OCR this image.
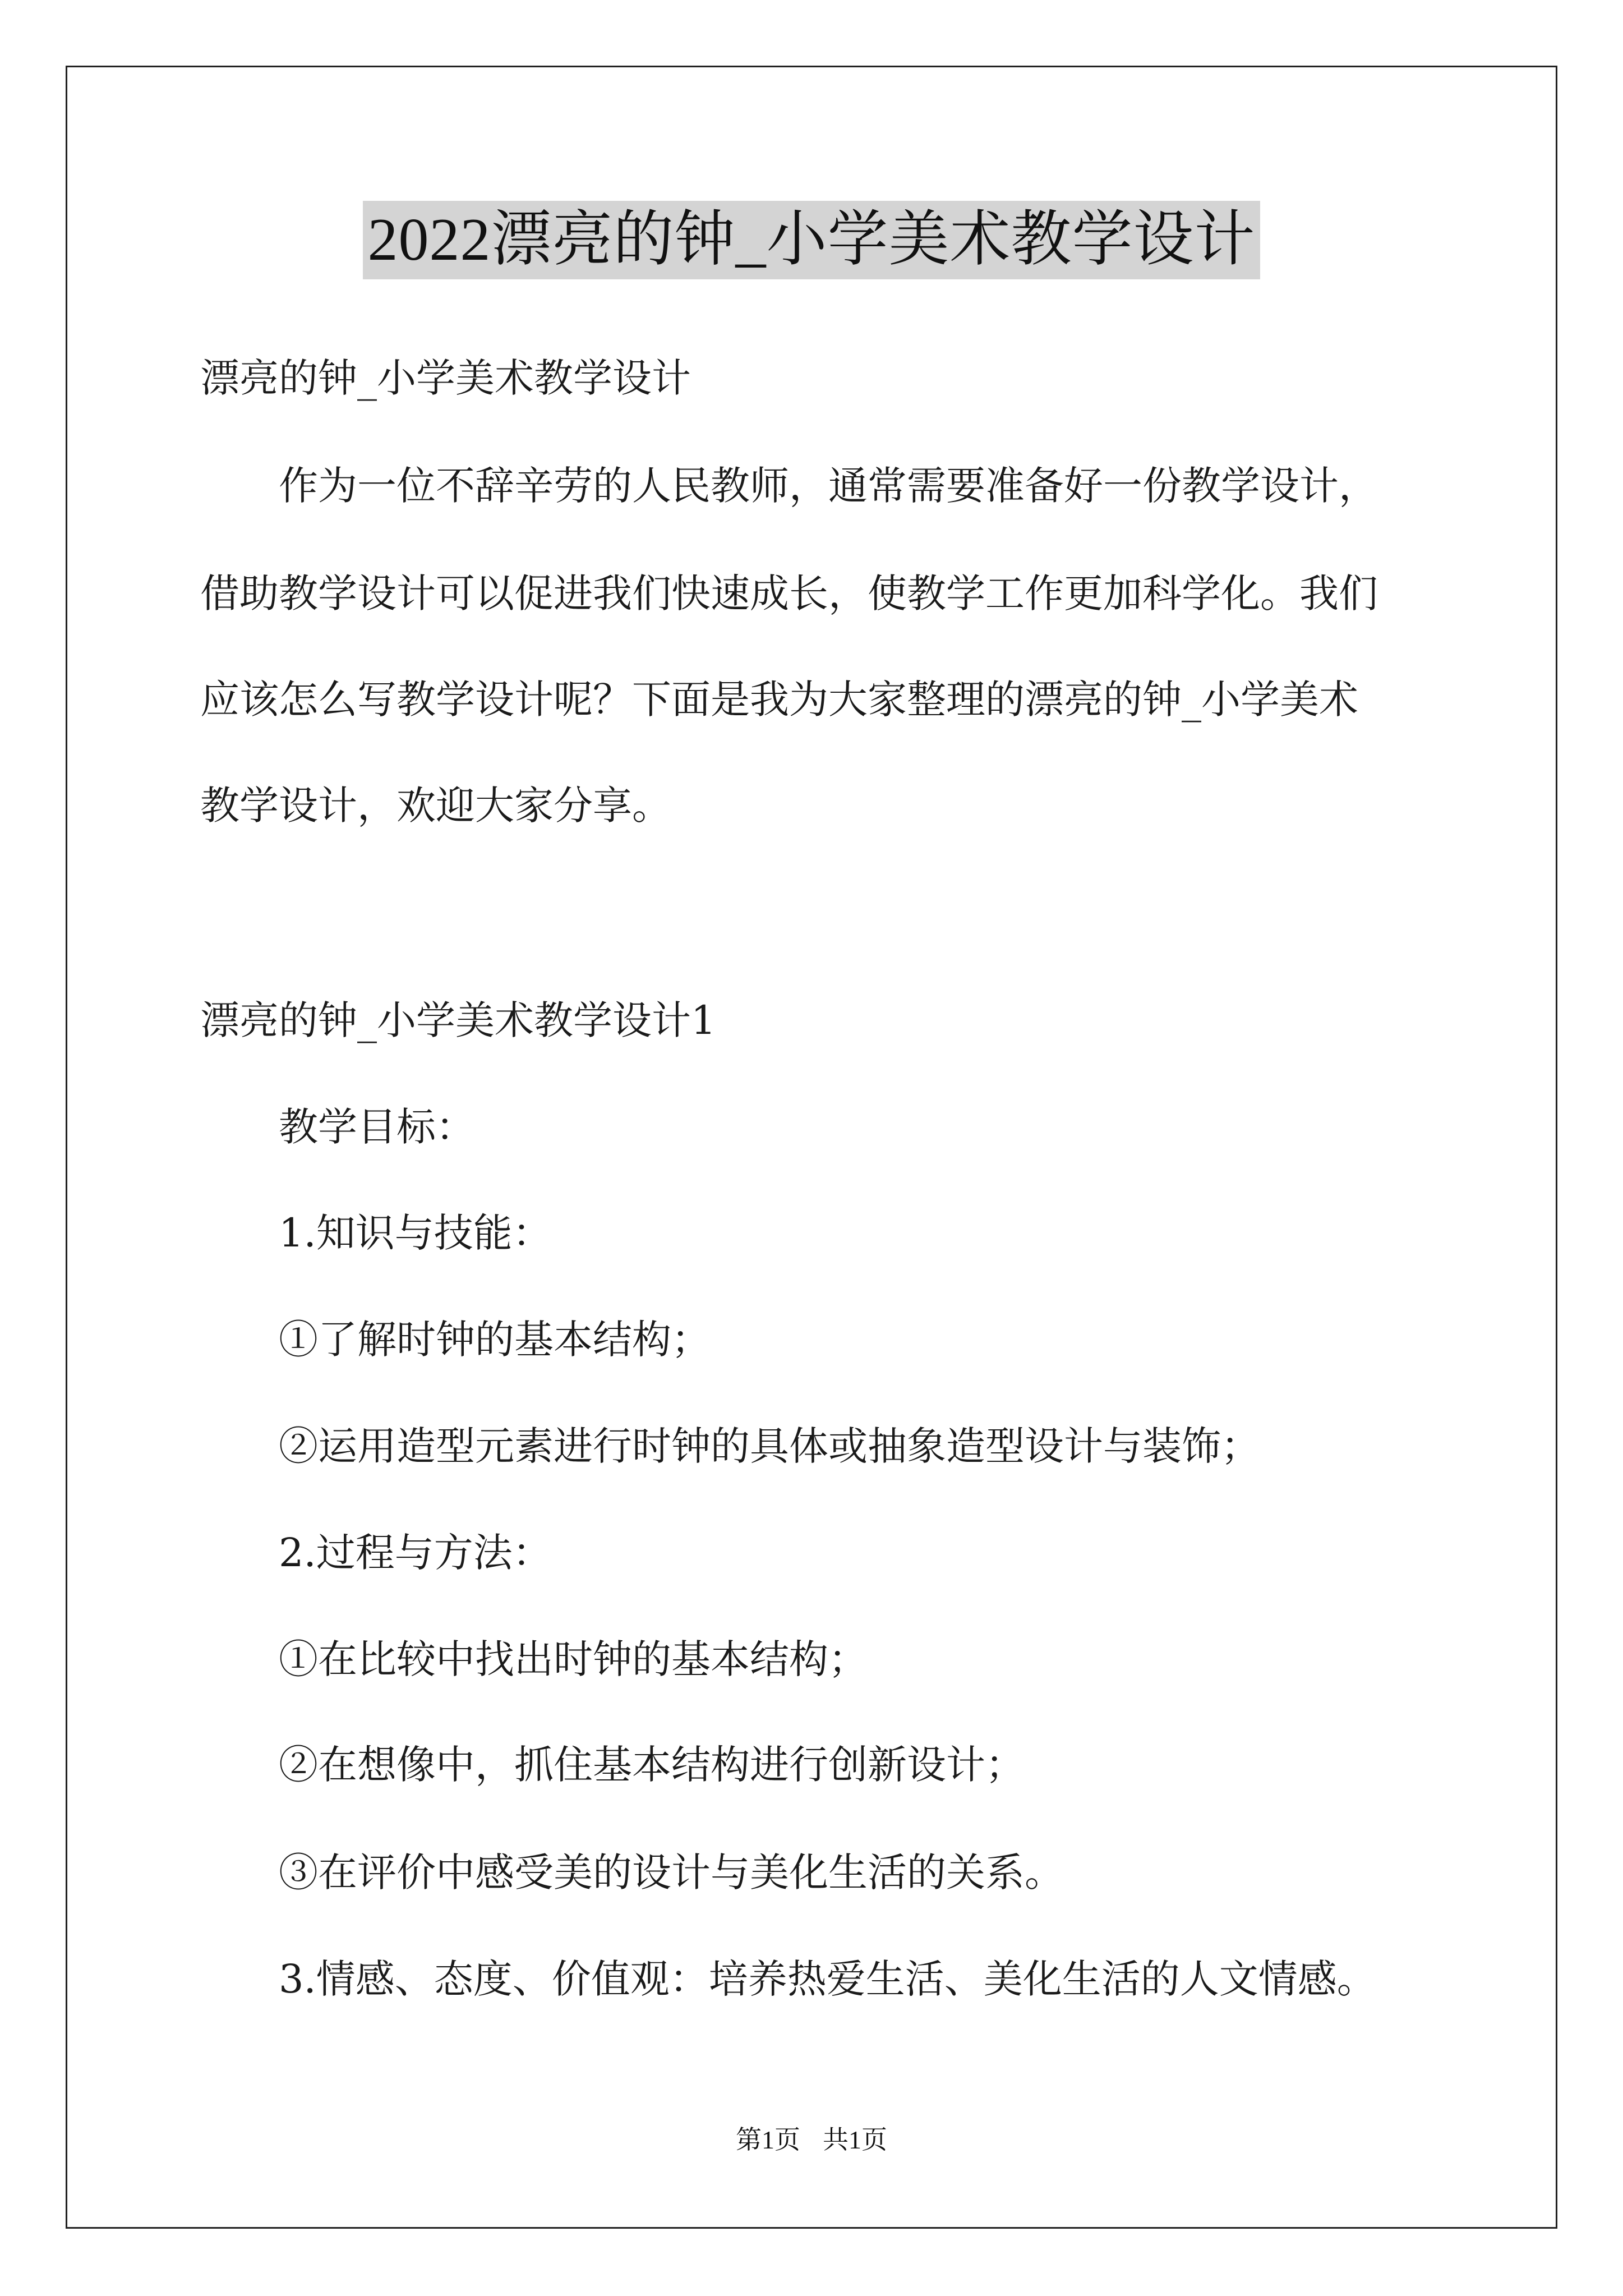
2022漂亮的钟_小学美术教学设计
漂亮的钟_小学美术教学设计
作为一位不辞辛劳的人民教师，通常需要准备好一份教学设计，
借助教学设计可以促进我们快速成长，使教学工作更加科学化。我们
应该怎么写教学设计呢？下面是我为大家整理的漂亮的钟_小学美术
教学设计，欢迎大家分享。
漂亮的钟_小学美术教学设计1
教学目标：
1.知识与技能：
①了解时钟的基本结构；
②运用造型元素进行时钟的具体或抽象造型设计与装饰；
2.过程与方法：
①在比较中找出时钟的基本结构；
②在想像中，抓住基本结构进行创新设计；
③在评价中感受美的设计与美化生活的关系。
3.情感、态度、价值观：培养热爱生活、美化生活的人文情感。
第1页 共1页
